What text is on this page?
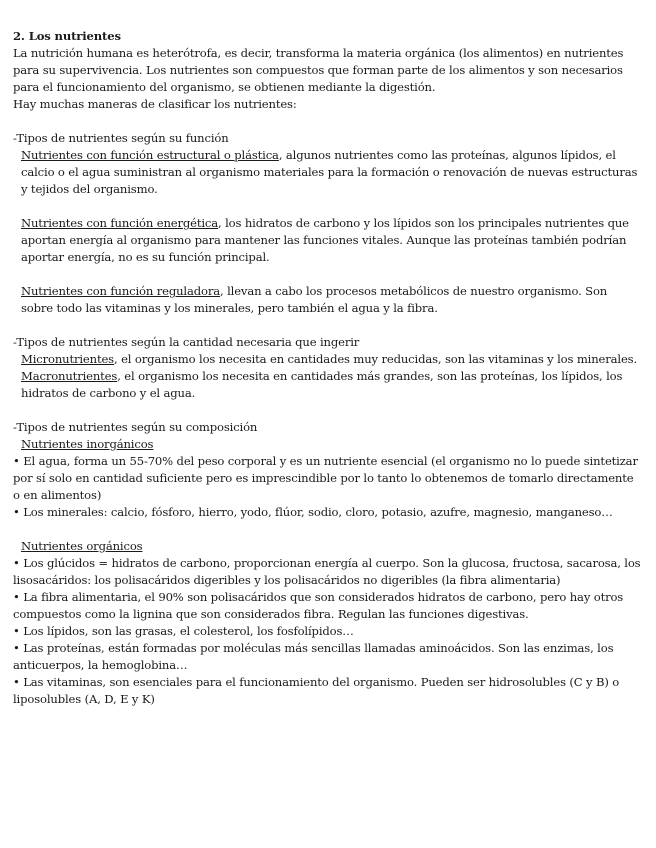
2. Los nutrientes

La nutrición humana es heterótrofa, es decir, transforma la materia orgánica (los alimentos) en nutrientes para su supervivencia. Los nutrientes son compuestos que forman parte de los alimentos y son necesarios para el funcionamiento del organismo, se obtienen mediante la digestión.

Hay muchas maneras de clasificar los nutrientes:

-Tipos de nutrientes según su función

Nutrientes con función estructural o plástica, algunos nutrientes como las proteínas, algunos lípidos, el calcio o el agua suministran al organismo materiales para la formación o renovación de nuevas estructuras y tejidos del organismo.

Nutrientes con función energética, los hidratos de carbono y los lípidos son los principales nutrientes que aportan energía al organismo para mantener las funciones vitales. Aunque las proteínas también podrían aportar energía, no es su función principal.

Nutrientes con función reguladora, llevan a cabo los procesos metabólicos de nuestro organismo. Son sobre todo las vitaminas y los minerales, pero también el agua y la fibra.

-Tipos de nutrientes según la cantidad necesaria que ingerir

Micronutrientes, el organismo los necesita en cantidades muy reducidas, son las vitaminas y los minerales.

Macronutrientes, el organismo los necesita en cantidades más grandes, son las proteínas, los lípidos, los hidratos de carbono y el agua.

-Tipos de nutrientes según su composición

Nutrientes inorgánicos

• El agua, forma un 55-70% del peso corporal y es un nutriente esencial (el organismo no lo puede sintetizar por sí solo en cantidad suficiente pero es imprescindible por lo tanto lo obtenemos de tomarlo directamente o en alimentos)

• Los minerales: calcio, fósforo, hierro, yodo, flúor, sodio, cloro, potasio, azufre, magnesio, manganeso…

Nutrientes orgánicos

• Los glúcidos = hidratos de carbono, proporcionan energía al cuerpo. Son la glucosa, fructosa, sacarosa, los lisosacáridos: los polisacáridos digeribles y los polisacáridos no digeribles (la fibra alimentaria)

• La fibra alimentaria, el 90% son polisacáridos que son considerados hidratos de carbono, pero hay otros compuestos como la lignina que son considerados fibra. Regulan las funciones digestivas.

• Los lípidos, son las grasas, el colesterol, los fosfolípidos…

• Las proteínas, están formadas por moléculas más sencillas llamadas aminoácidos. Son las enzimas, los anticuerpos, la hemoglobina…

• Las vitaminas, son esenciales para el funcionamiento del organismo. Pueden ser hidrosolubles (C y B) o liposolubles (A, D, E y K)
